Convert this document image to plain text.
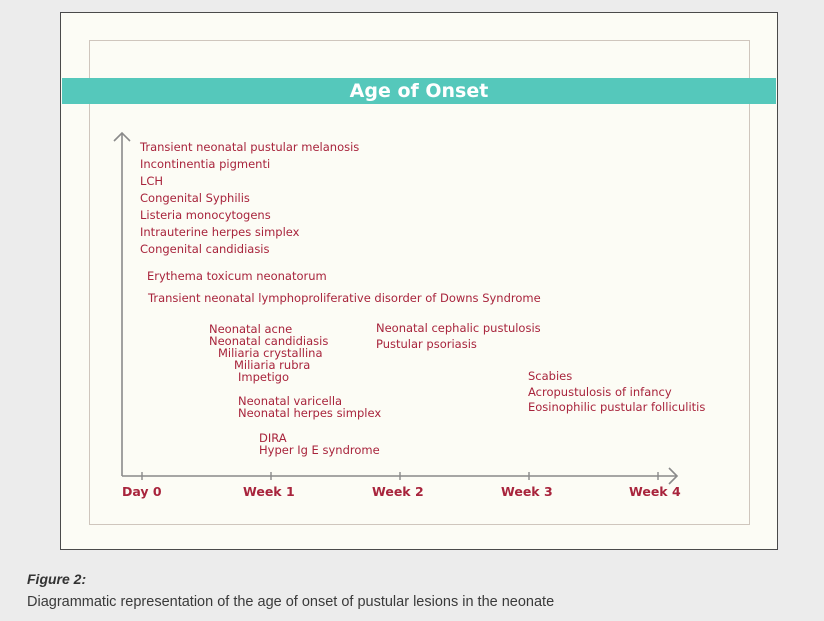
Age of Onset
Transient neonatal pustular melanosis
Incontinentia pigmenti
LCH
Congenital Syphilis
Listeria monocytogens
Intrauterine herpes simplex
Congenital candidiasis
Erythema toxicum neonatorum
Transient neonatal lymphoproliferative disorder of Downs Syndrome
Neonatal acne
Neonatal candidiasis
Miliaria crystallina
Miliaria rubra
Impetigo
Neonatal varicella
Neonatal herpes simplex
DIRA
Hyper Ig E syndrome
Neonatal cephalic pustulosis
Pustular psoriasis
Scabies
Acropustulosis of infancy
Eosinophilic pustular folliculitis
Day 0	Week 1	Week 2	Week 3	Week 4
Figure 2:
Diagrammatic representation of the age of onset of pustular lesions in the neonate
